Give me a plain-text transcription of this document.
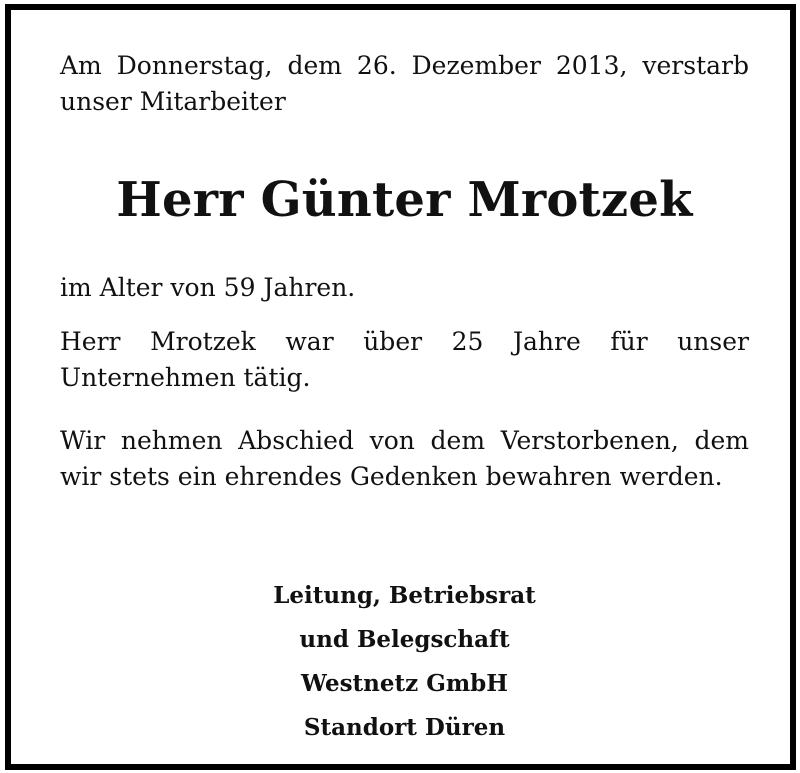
Am Donnerstag, dem 26. Dezember 2013, verstarb unser Mitarbeiter

Herr Günter Mrotzek

im Alter von 59 Jahren.

Herr Mrotzek war über 25 Jahre für unser Unternehmen tätig.

Wir nehmen Abschied von dem Verstorbenen, dem wir stets ein ehrendes Gedenken bewahren werden.

Leitung, Betriebsrat
und Belegschaft
Westnetz GmbH
Standort Düren
